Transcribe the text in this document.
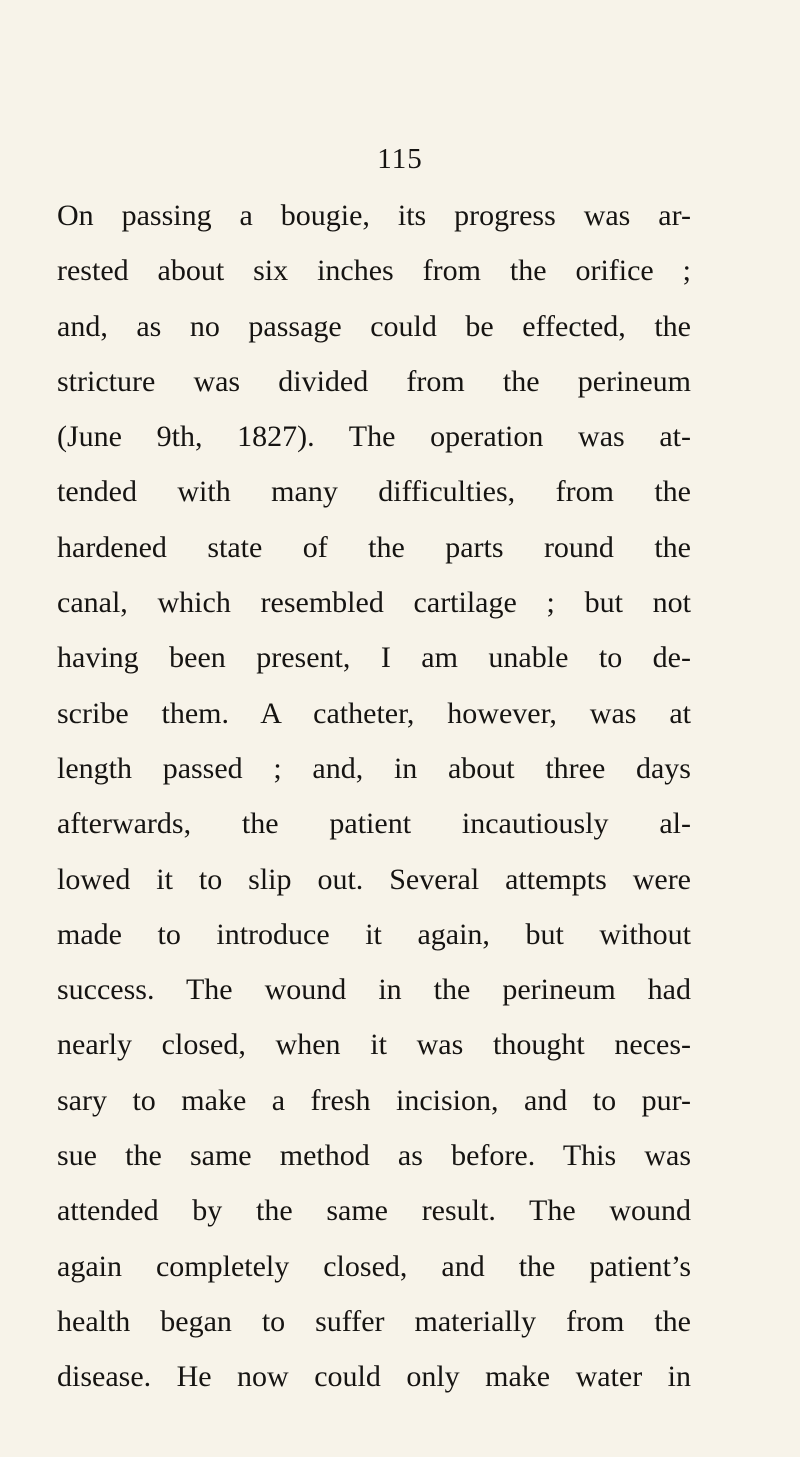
115
On passing a bougie, its progress was ar-
rested about six inches from the orifice ;
and, as no passage could be effected, the
stricture was divided from the perineum
(June 9th, 1827). The operation was at-
tended with many difficulties, from the
hardened state of the parts round the
canal, which resembled cartilage ; but not
having been present, I am unable to de-
scribe them. A catheter, however, was at
length passed ; and, in about three days
afterwards, the patient incautiously al-
lowed it to slip out. Several attempts were
made to introduce it again, but without
success. The wound in the perineum had
nearly closed, when it was thought neces-
sary to make a fresh incision, and to pur-
sue the same method as before. This was
attended by the same result. The wound
again completely closed, and the patient’s
health began to suffer materially from the
disease. He now could only make water in
